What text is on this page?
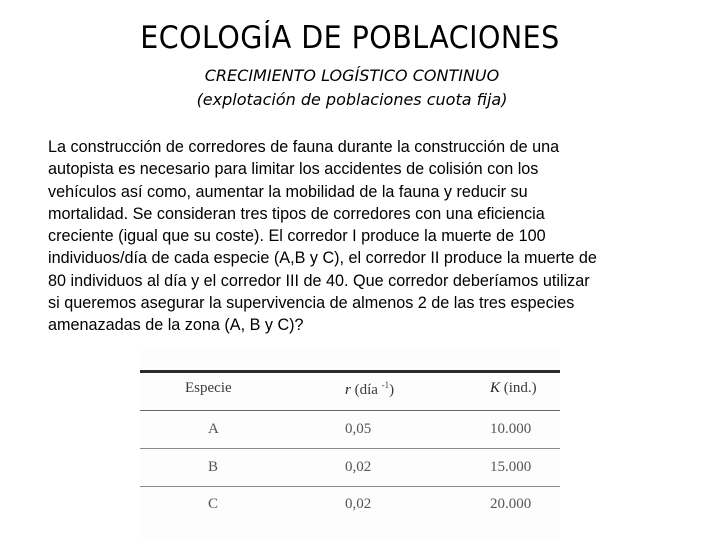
ECOLOGÍA DE POBLACIONES
CRECIMIENTO LOGÍSTICO CONTINUO
(explotación de poblaciones cuota fija)

La construcción de corredores de fauna durante la construcción de una
autopista es necesario para limitar los accidentes de colisión con los
vehículos así como, aumentar la mobilidad de la fauna y reducir su
mortalidad. Se consideran tres tipos de corredores con una eficiencia
creciente (igual que su coste). El corredor I produce la muerte de 100
individuos/día de cada especie (A,B y C), el corredor II produce la muerte de
80 individuos al día y el corredor III de 40. Que corredor deberíamos utilizar
si queremos asegurar la supervivencia de almenos 2 de las tres especies
amenazadas de la zona (A, B y C)?

Especie	r (día $^{-1}$)	K (ind.)
A	0,05	10.000
B	0,02	15.000
C	0,02	20.000
